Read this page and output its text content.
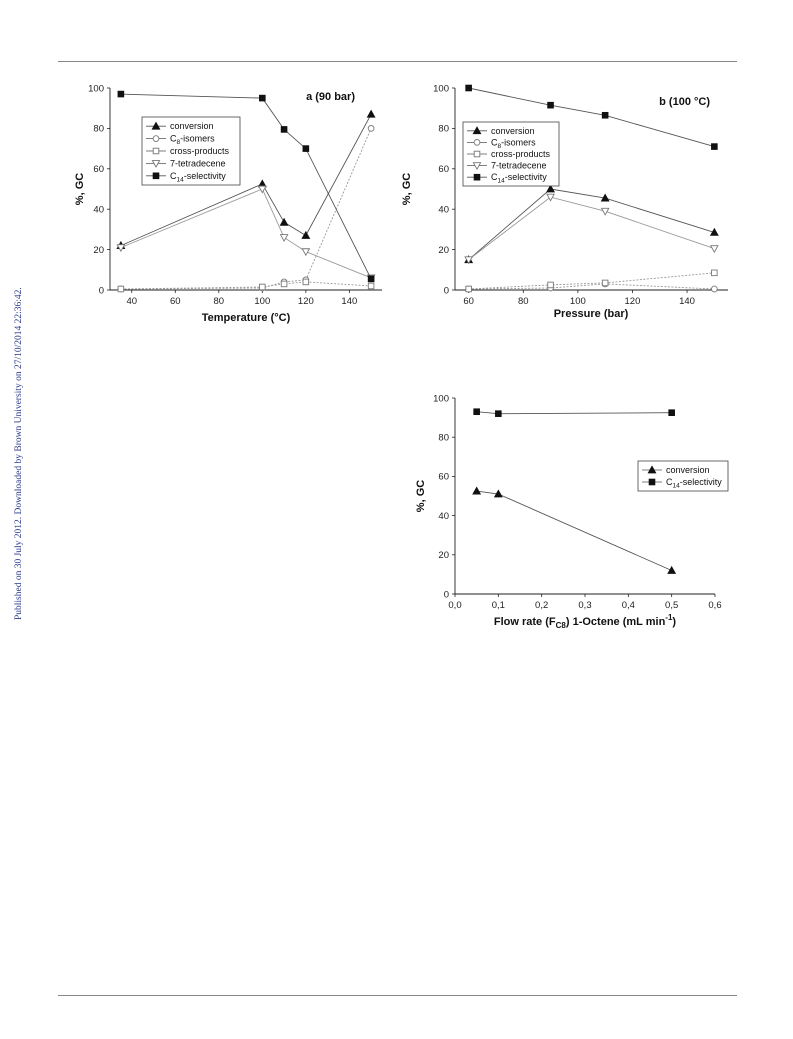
Published on 30 July 2012. Downloaded by Brown University on 27/10/2014 22:36:42.	0
20
40
60
80
100
40	60	80	100	120	140
%, GC
Temperature (°C)
a (90 bar)
conversion
$C_8$-isomers
cross-products
7-tetradecene
$C_{14}$-selectivity
0
20
40
60
80
100
60	80	100	120	140
%, GC
Pressure (bar)
b (100 °C)
conversion
$C_8$-isomers
cross-products
7-tetradecene
$C_{14}$-selectivity
0
20
40
60
80
100
0,0	0,1	0,2	0,3	0,4	0,5	0,6
%, GC
Flow rate $(F_{C8})$ 1-Octene (mL $\min^{-1}$)
conversion
$C_{14}$-selectivity
